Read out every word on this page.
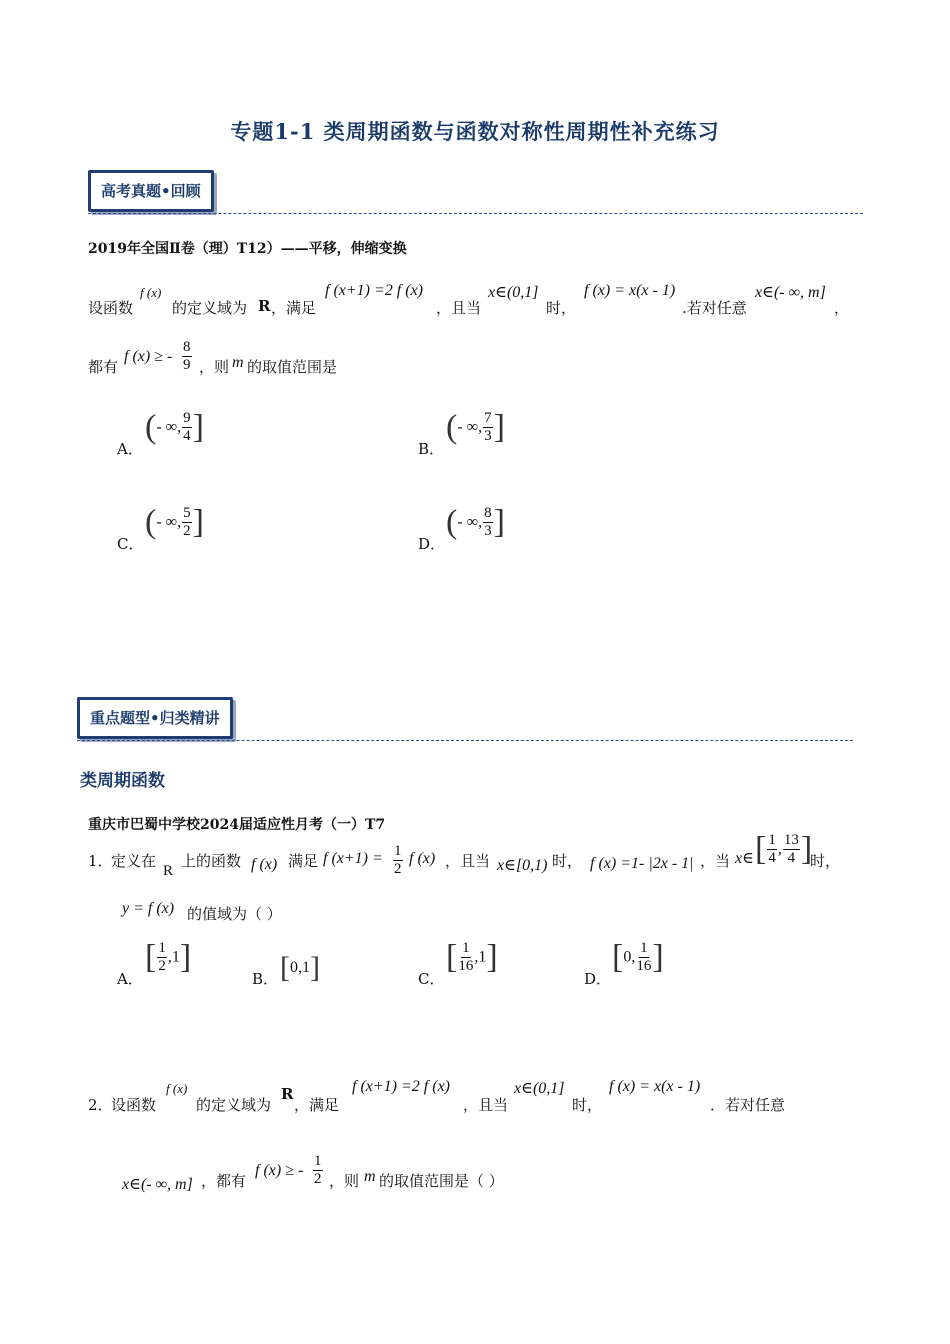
专题1-1 类周期函数与函数对称性周期性补充练习
高考真题•回顾
2019年全国Ⅱ卷（理）T12）——平移，伸缩变换
设函数
f (x)
的定义域为 R ，满足
f (x+1) =2 f (x)
，且当
x∈(0,1]
时，
f (x) = x(x - 1)
.若对任意
x∈(- ∞, m]
，
都有
f (x) ≥ - $\frac{8}{9}$ ，则 m 的取值范围是
A．
(- ∞, $\frac{9}{4}$ ]
B．
(- ∞, $\frac{7}{3}$ ]
C．
(- ∞, $\frac{5}{2}$ ]
D．
(- ∞, $\frac{8}{3}$ ]
重点题型•归类精讲
类周期函数
重庆市巴蜀中学校2024届适应性月考（一）T7
1．
定义在
R
上的函数 f (x) 满足 f $(x+1) = \frac{1}{2}$ f (x) ，且当 x∈[0,1) 时， f (x) =1- |2x - 1| ，当 x∈ [ $\frac{1}{4}$ , $\frac{13}{4}$ ]
时，
y = f (x) 的值域为（ ）
A．
[ $\frac{1}{2} ,1$]
B． [0,1]	C．
[ $\frac{1}{16} ,1$]
D．
[0, $\frac{1}{16}$ ]
2．
设函数
f (x)
的定义域为
R
，满足
f (x+1) =2 f (x)
，且当
x∈(0,1]
时，
f (x) = x(x - 1)
．若对任意
x∈(- ∞, m] ，都有
f (x) ≥ - $\frac{1}{2}$ ，则 m 的取值范围是（ ）
